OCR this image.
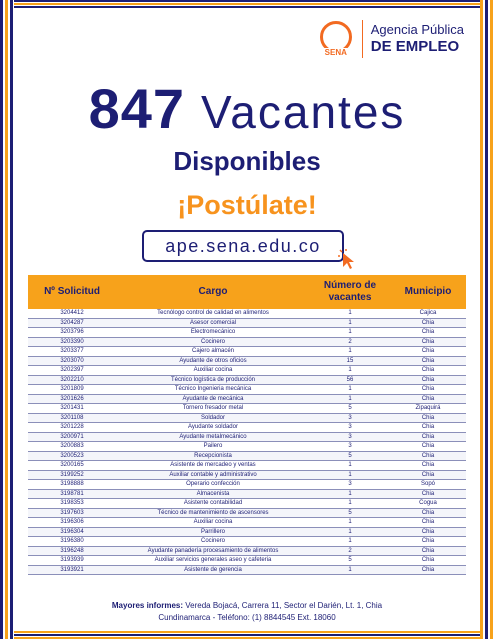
SENA
Agencia Pública
DE EMPLEO
847 Vacantes
Disponibles
¡Postúlate!
ape.sena.edu.co
Nº Solicitud	Cargo	Número de vacantes	Municipio
3204412	Tecnólogo control de calidad en alimentos	1	Cajica
3204287	Asesor comercial	1	Chia
3203796	Electromecánico	1	Chia
3203390	Cocinero	2	Chia
3203377	Cajero almacén	1	Chia
3203070	Ayudante de otros oficios	15	Chia
3202397	Auxiliar cocina	1	Chia
3202210	Técnico logística de producción	56	Chia
3201809	Técnico Ingenieria mecánica	1	Chia
3201626	Ayudante de mecánica	1	Chia
3201431	Tornero fresador metal	5	Zipaquirá
3201108	Soldador	3	Chia
3201228	Ayudante soldador	3	Chia
3200971	Ayudante metalmecánico	3	Chia
3200883	Pailero	3	Chia
3200523	Recepcionista	5	Chia
3200165	Asistente de mercadeo y ventas	1	Chia
3199252	Auxiliar contable y administrativo	1	Chia
3198888	Operario confección	3	Sopó
3198781	Almacenista	1	Chia
3198353	Asistente contabilidad	1	Cogua
3197603	Técnico de mantenimiento de ascensores	5	Chia
3196306	Auxiliar cocina	1	Chia
3196304	Parrillero	1	Chia
3196380	Cocinero	1	Chia
3196248	Ayudante panadería procesamiento de alimentos	2	Chia
3193939	Auxiliar servicios generales aseo y cafeteria	5	Chia
3193921	Asistente de gerencia	1	Chia
Mayores informes: Vereda Bojacá, Carrera 11, Sector el Darién, Lt. 1, Chia
Cundinamarca - Teléfono: (1) 8844545 Ext. 18060
